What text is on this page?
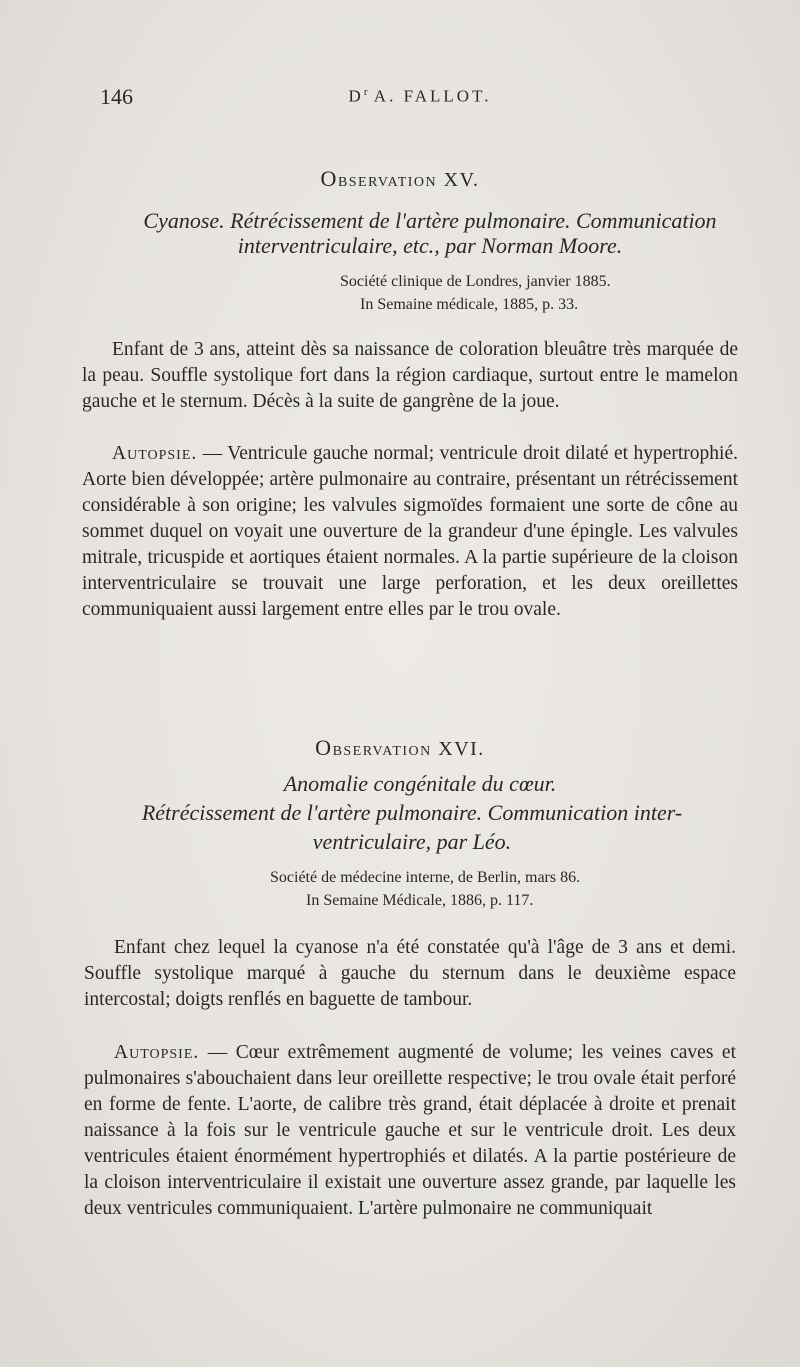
146	$D^r$ A. FALLOT.
Observation XV.
Cyanose. Rétrécissement de l'artère pulmonaire. Communication interventriculaire, etc., par Norman Moore.
Société clinique de Londres, janvier 1885.
In Semaine médicale, 1885, p. 33.

Enfant de 3 ans, atteint dès sa naissance de coloration bleuâtre très marquée de la peau. Souffle systolique fort dans la région cardiaque, surtout entre le mamelon gauche et le sternum. Décès à la suite de gangrène de la joue.

Autopsie. — Ventricule gauche normal; ventricule droit dilaté et hypertrophié. Aorte bien développée; artère pulmonaire au contraire, présentant un rétrécissement considérable à son origine; les valvules sigmoïdes formaient une sorte de cône au sommet duquel on voyait une ouverture de la grandeur d'une épingle. Les valvules mitrale, tricuspide et aortiques étaient normales. A la partie supérieure de la cloison interventriculaire se trouvait une large perforation, et les deux oreillettes communiquaient aussi largement entre elles par le trou ovale.

Observation XVI.
Anomalie congénitale du cœur.
Rétrécissement de l'artère pulmonaire. Communication inter-
ventriculaire, par Léo.
Société de médecine interne, de Berlin, mars 86.
In Semaine Médicale, 1886, p. 117.

Enfant chez lequel la cyanose n'a été constatée qu'à l'âge de 3 ans et demi. Souffle systolique marqué à gauche du sternum dans le deuxième espace intercostal; doigts renflés en baguette de tambour.

Autopsie. — Cœur extrêmement augmenté de volume; les veines caves et pulmonaires s'abouchaient dans leur oreillette respective; le trou ovale était perforé en forme de fente. L'aorte, de calibre très grand, était déplacée à droite et prenait naissance à la fois sur le ventricule gauche et sur le ventricule droit. Les deux ventricules étaient énormément hypertrophiés et dilatés. A la partie postérieure de la cloison interventriculaire il existait une ouverture assez grande, par laquelle les deux ventricules communiquaient. L'artère pulmonaire ne communiquait
